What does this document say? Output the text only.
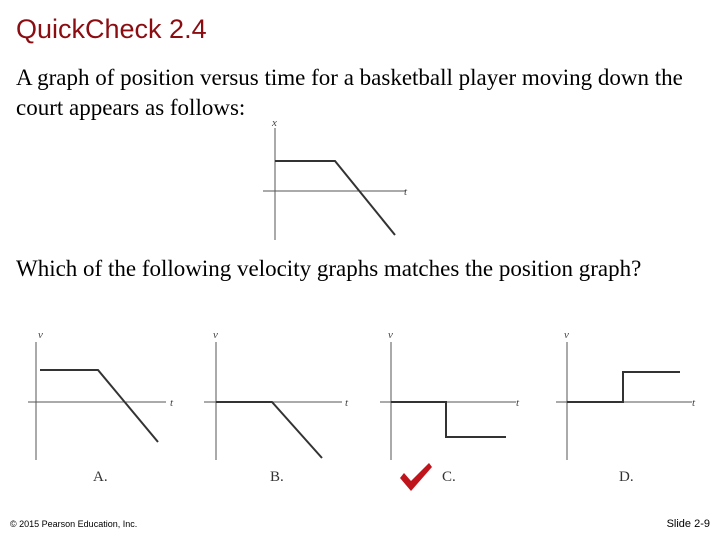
QuickCheck 2.4

A graph of position versus time for a basketball player moving down the court appears as follows:

x
t

Which of the following velocity graphs matches the position graph?

v
t
A.
v
t
B.
v
t
C.
v
t
D.
© 2015 Pearson Education, Inc.	Slide 2-9
